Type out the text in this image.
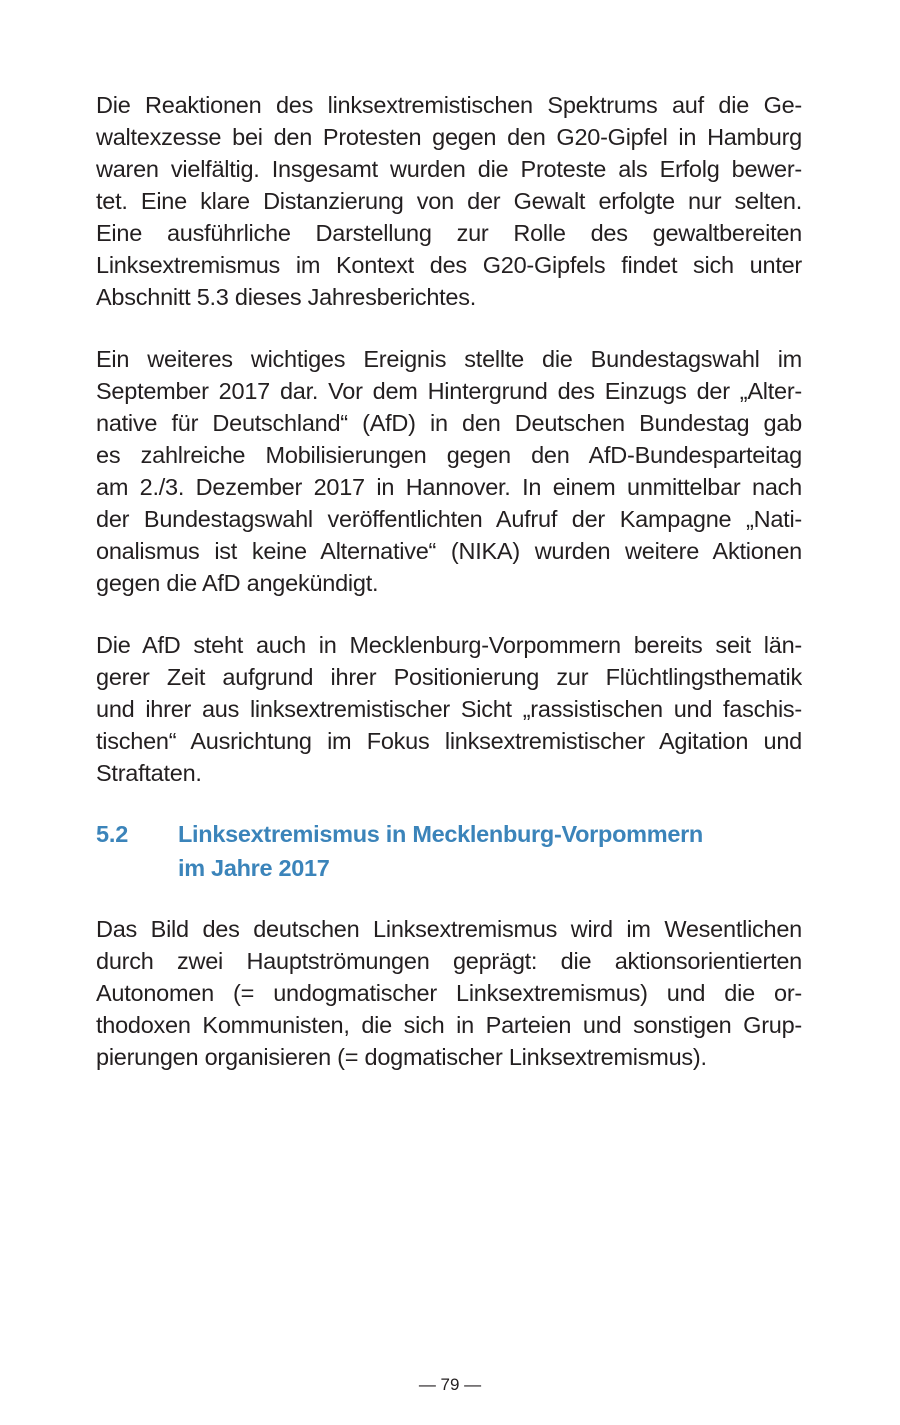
Die Reaktionen des linksextremistischen Spektrums auf die Ge-
waltexzesse bei den Protesten gegen den G20-Gipfel in Hamburg
waren vielfältig. Insgesamt wurden die Proteste als Erfolg bewer-
tet. Eine klare Distanzierung von der Gewalt erfolgte nur selten.
Eine ausführliche Darstellung zur Rolle des gewaltbereiten
Linksextremismus im Kontext des G20-Gipfels findet sich unter
Abschnitt 5.3 dieses Jahresberichtes.
Ein weiteres wichtiges Ereignis stellte die Bundestagswahl im
September 2017 dar. Vor dem Hintergrund des Einzugs der „Alter-
native für Deutschland“ (AfD) in den Deutschen Bundestag gab
es zahlreiche Mobilisierungen gegen den AfD-Bundesparteitag
am 2./3. Dezember 2017 in Hannover. In einem unmittelbar nach
der Bundestagswahl veröffentlichten Aufruf der Kampagne „Nati-
onalismus ist keine Alternative“ (NIKA) wurden weitere Aktionen
gegen die AfD angekündigt.
Die AfD steht auch in Mecklenburg-Vorpommern bereits seit län-
gerer Zeit aufgrund ihrer Positionierung zur Flüchtlingsthematik
und ihrer aus linksextremistischer Sicht „rassistischen und faschis-
tischen“ Ausrichtung im Fokus linksextremistischer Agitation und
Straftaten.
5.2 Linksextremismus in Mecklenburg-Vorpommern
im Jahre 2017
Das Bild des deutschen Linksextremismus wird im Wesentlichen
durch zwei Hauptströmungen geprägt: die aktionsorientierten
Autonomen (= undogmatischer Linksextremismus) und die or-
thodoxen Kommunisten, die sich in Parteien und sonstigen Grup-
pierungen organisieren (= dogmatischer Linksextremismus).
— 79 —
